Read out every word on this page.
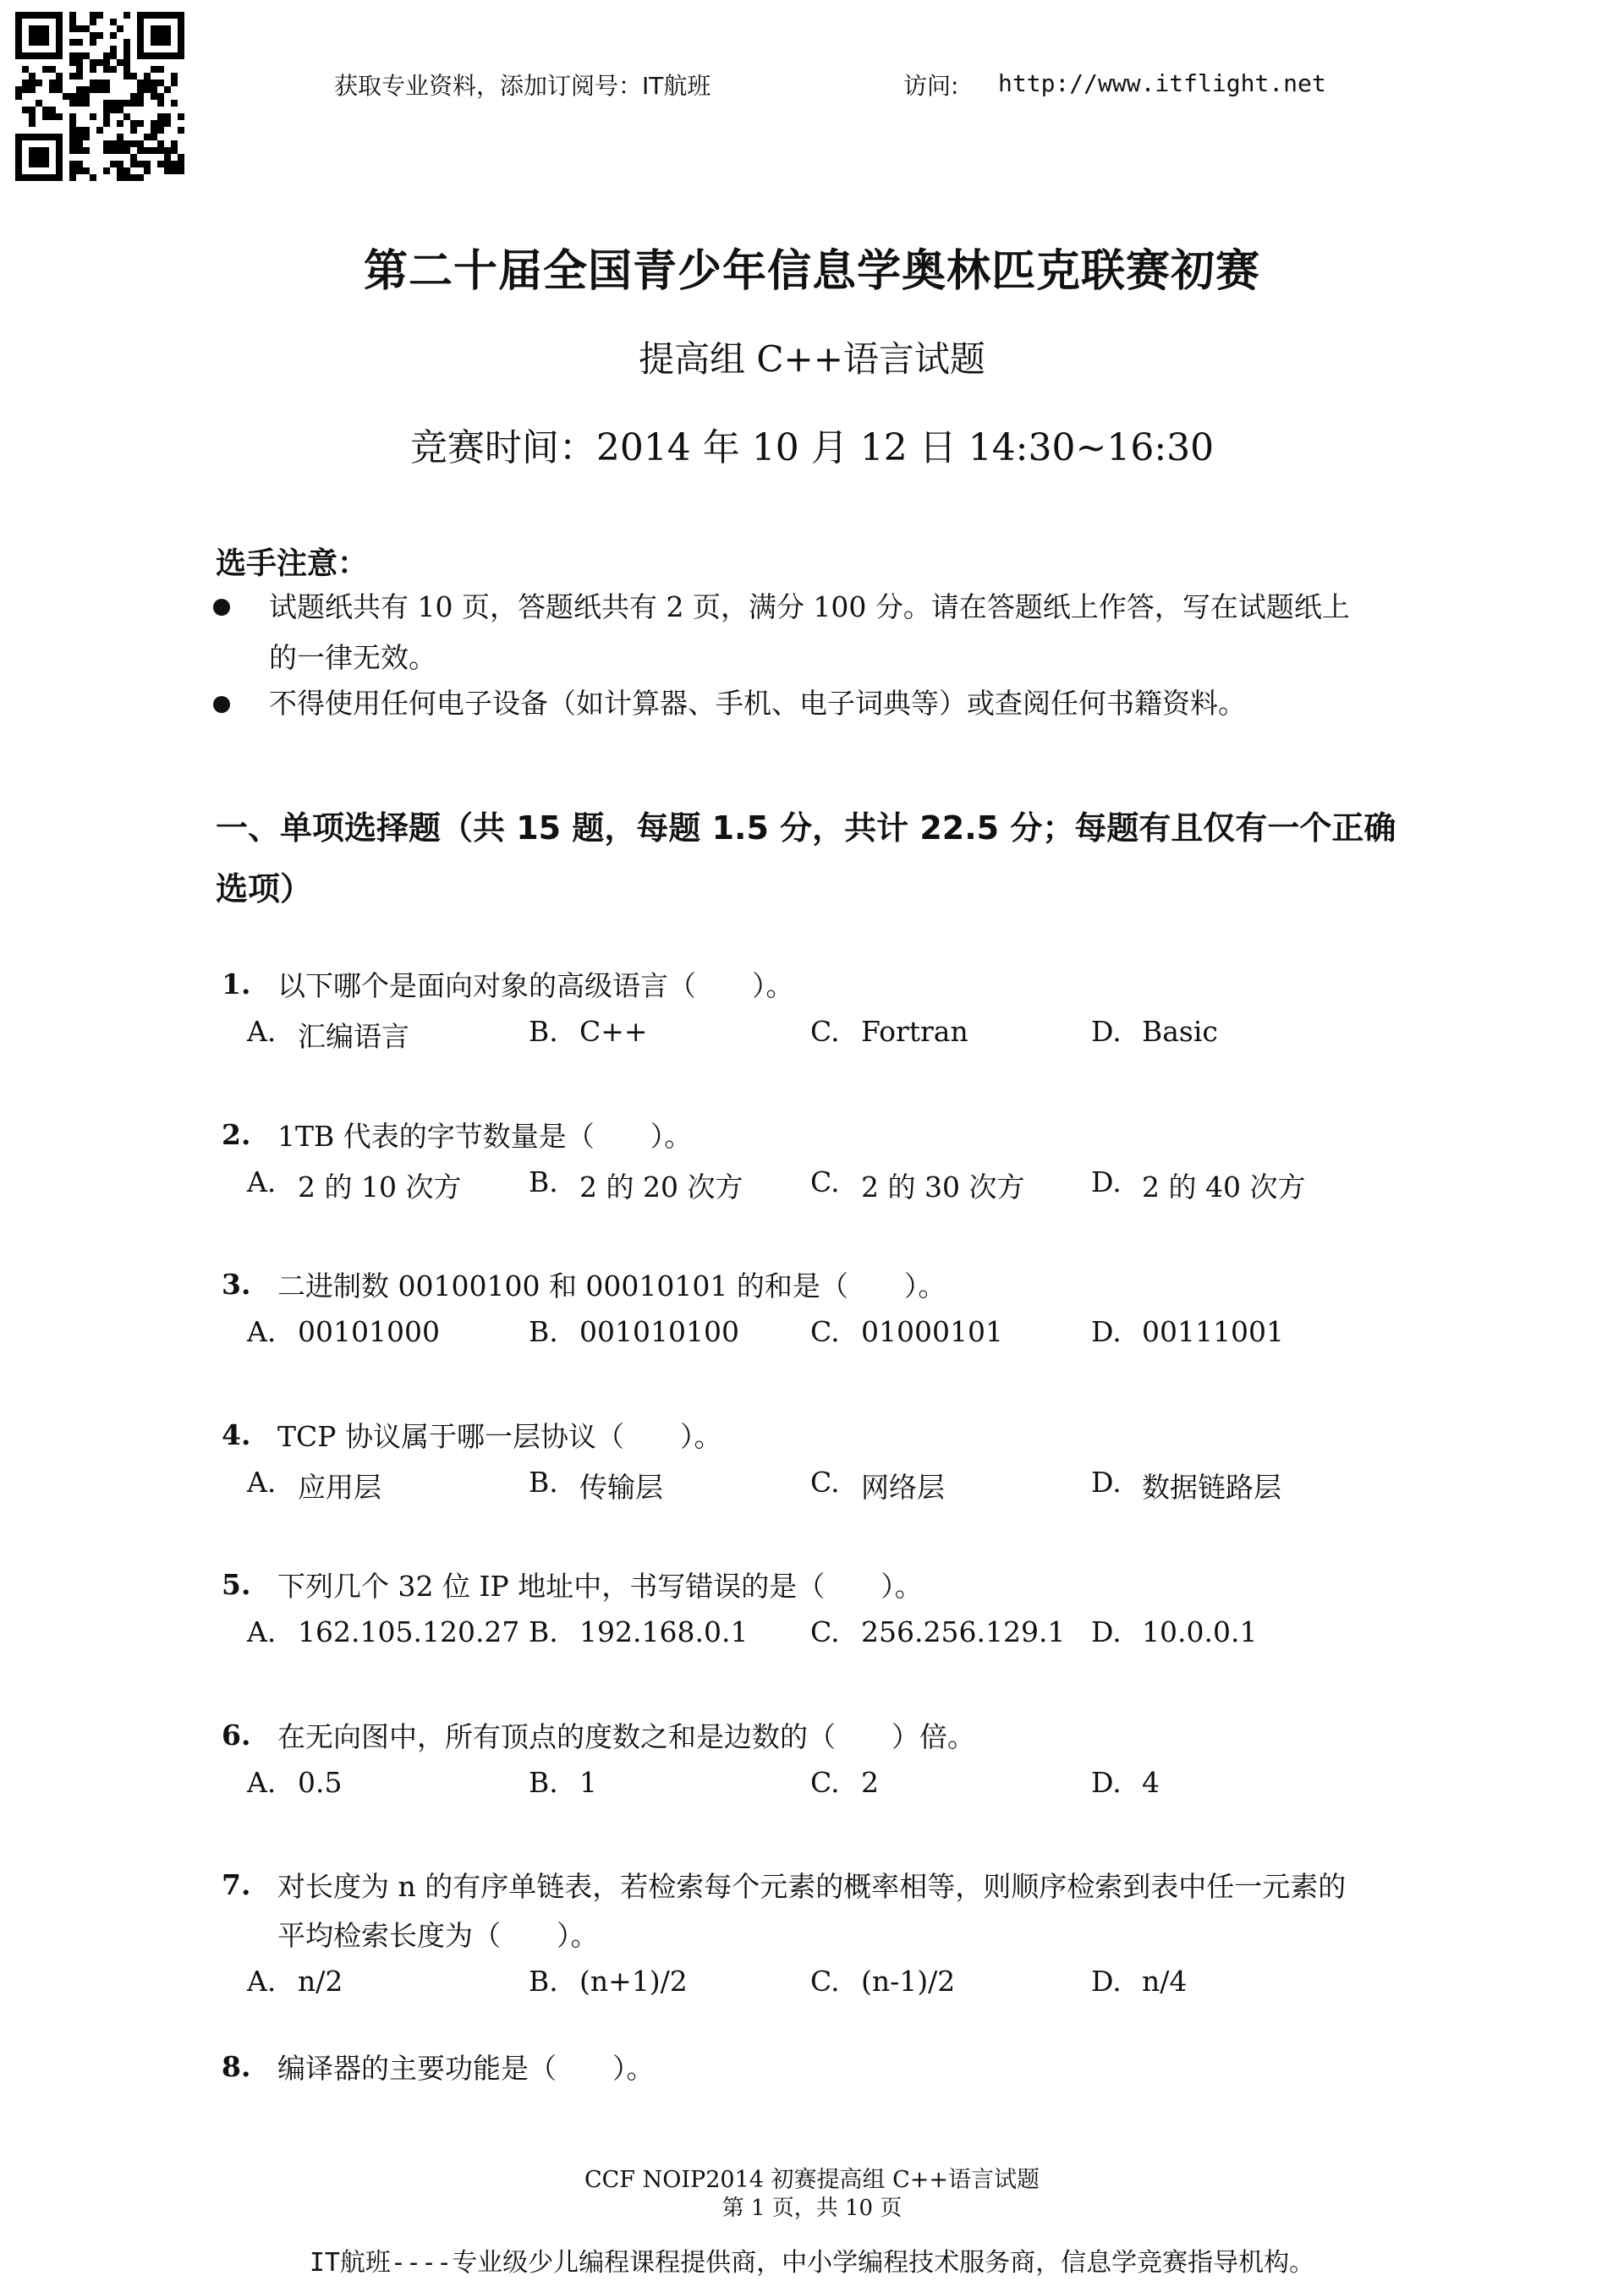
获取专业资料，添加订阅号：IT航班	访问: http://www.itflight.net
第二十届全国青少年信息学奥林匹克联赛初赛
提高组 C++语言试题
竞赛时间：2014 年 10 月 12 日 14:30~16:30
选手注意：
试题纸共有 10 页，答题纸共有 2 页，满分 100 分。请在答题纸上作答，写在试题纸上
的一律无效。
不得使用任何电子设备（如计算器、手机、电子词典等）或查阅任何书籍资料。
一、单项选择题（共 15 题，每题 1.5 分，共计 22.5 分；每题有且仅有一个正确
选项）
1. 以下哪个是面向对象的高级语言（　　）。
A. 汇编语言	B. C++	C. Fortran	D. Basic
2. 1TB 代表的字节数量是（　　）。
A. 2 的 10 次方 B. 2 的 20 次方 C. 2 的 30 次方 D. 2 的 40 次方
3. 二进制数 00100100 和 00010101 的和是（　　）。
A. 00101000	B. 001010100	C. 01000101	D. 00111001
4. TCP 协议属于哪一层协议（　　）。
A. 应用层	B. 传输层	C. 网络层	D. 数据链路层
5. 下列几个 32 位 IP 地址中，书写错误的是（　　）。
A. 162.105.120.27 B. 192.168.0.1 C. 256.256.129.1 D. 10.0.0.1
6. 在无向图中，所有顶点的度数之和是边数的（　　）倍。
A. 0.5	B. 1	C. 2	D. 4
7. 对长度为 n 的有序单链表，若检索每个元素的概率相等，则顺序检索到表中任一元素的
平均检索长度为（　　）。
A. n/2	B. (n+1)/2	C. (n-1)/2	D. n/4
8. 编译器的主要功能是（　　）。
CCF NOIP2014 初赛提高组 C++语言试题
第 1 页，共 10 页
IT航班----专业级少儿编程课程提供商，中小学编程技术服务商，信息学竞赛指导机构。
